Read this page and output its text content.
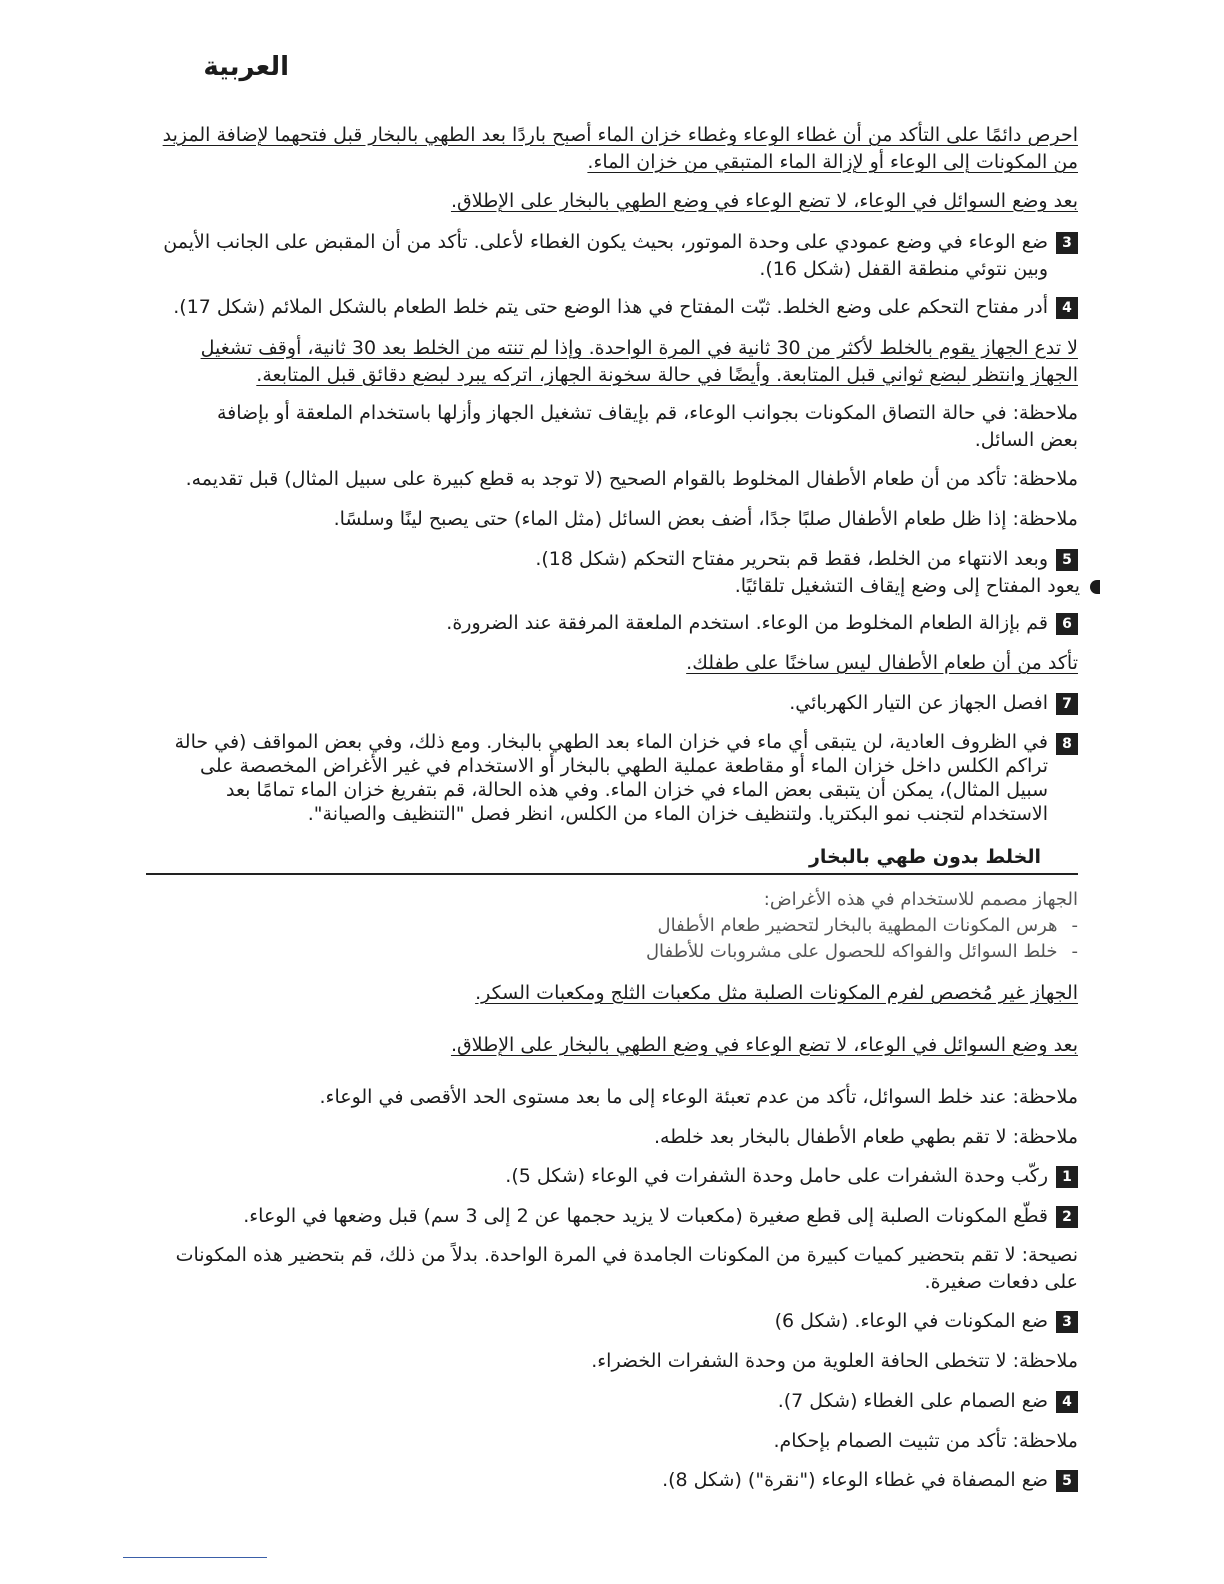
العربية
احرص دائمًا على التأكد من أن غطاء الوعاء وغطاء خزان الماء أصبح باردًا بعد الطهي بالبخار قبل فتحهما لإضافة المزيد من المكونات إلى الوعاء أو لإزالة الماء المتبقي من خزان الماء.
بعد وضع السوائل في الوعاء، لا تضع الوعاء في وضع الطهي بالبخار على الإطلاق.
3
ضع الوعاء في وضع عمودي على وحدة الموتور، بحيث يكون الغطاء لأعلى. تأكد من أن المقبض على الجانب الأيمن وبين نتوئي منطقة القفل (شكل 16).
4
أدر مفتاح التحكم على وضع الخلط. ثبّت المفتاح في هذا الوضع حتى يتم خلط الطعام بالشكل الملائم (شكل 17).
لا تدع الجهاز يقوم بالخلط لأكثر من 30 ثانية في المرة الواحدة. وإذا لم تنته من الخلط بعد 30 ثانية، أوقف تشغيل الجهاز وانتظر لبضع ثواني قبل المتابعة. وأيضًا في حالة سخونة الجهاز، اتركه يبرد لبضع دقائق قبل المتابعة.
ملاحظة: في حالة التصاق المكونات بجوانب الوعاء، قم بإيقاف تشغيل الجهاز وأزلها باستخدام الملعقة أو بإضافة بعض السائل.
ملاحظة: تأكد من أن طعام الأطفال المخلوط بالقوام الصحيح (لا توجد به قطع كبيرة على سبيل المثال) قبل تقديمه.
ملاحظة: إذا ظل طعام الأطفال صلبًا جدًا، أضف بعض السائل (مثل الماء) حتى يصبح لينًا وسلسًا.
5
وبعد الانتهاء من الخلط، فقط قم بتحرير مفتاح التحكم (شكل 18).
يعود المفتاح إلى وضع إيقاف التشغيل تلقائيًا.
6
قم بإزالة الطعام المخلوط من الوعاء. استخدم الملعقة المرفقة عند الضرورة.
تأكد من أن طعام الأطفال ليس ساخنًا على طفلك.
7
افصل الجهاز عن التيار الكهربائي.
8
في الظروف العادية، لن يتبقى أي ماء في خزان الماء بعد الطهي بالبخار. ومع ذلك، وفي بعض المواقف (في حالة تراكم الكلس داخل خزان الماء أو مقاطعة عملية الطهي بالبخار أو الاستخدام في غير الأغراض المخصصة على سبيل المثال)، يمكن أن يتبقى بعض الماء في خزان الماء. وفي هذه الحالة، قم بتفريغ خزان الماء تمامًا بعد الاستخدام لتجنب نمو البكتريا. ولتنظيف خزان الماء من الكلس، انظر فصل "التنظيف والصيانة".
الخلط بدون طهي بالبخار
الجهاز مصمم للاستخدام في هذه الأغراض:
-هرس المكونات المطهية بالبخار لتحضير طعام الأطفال
-خلط السوائل والفواكه للحصول على مشروبات للأطفال
الجهاز غير مُخصص لفرم المكونات الصلبة مثل مكعبات الثلج ومكعبات السكر.
بعد وضع السوائل في الوعاء، لا تضع الوعاء في وضع الطهي بالبخار على الإطلاق.
ملاحظة: عند خلط السوائل، تأكد من عدم تعبئة الوعاء إلى ما بعد مستوى الحد الأقصى في الوعاء.
ملاحظة: لا تقم بطهي طعام الأطفال بالبخار بعد خلطه.
1
ركّب وحدة الشفرات على حامل وحدة الشفرات في الوعاء (شكل 5).
2
قطّع المكونات الصلبة إلى قطع صغيرة (مكعبات لا يزيد حجمها عن 2 إلى 3 سم) قبل وضعها في الوعاء.
نصيحة: لا تقم بتحضير كميات كبيرة من المكونات الجامدة في المرة الواحدة. بدلاً من ذلك، قم بتحضير هذه المكونات على دفعات صغيرة.
3
ضع المكونات في الوعاء. (شكل 6)
ملاحظة: لا تتخطى الحافة العلوية من وحدة الشفرات الخضراء.
4
ضع الصمام على الغطاء (شكل 7).
ملاحظة: تأكد من تثبيت الصمام بإحكام.
5
ضع المصفاة في غطاء الوعاء ("نقرة") (شكل 8).
